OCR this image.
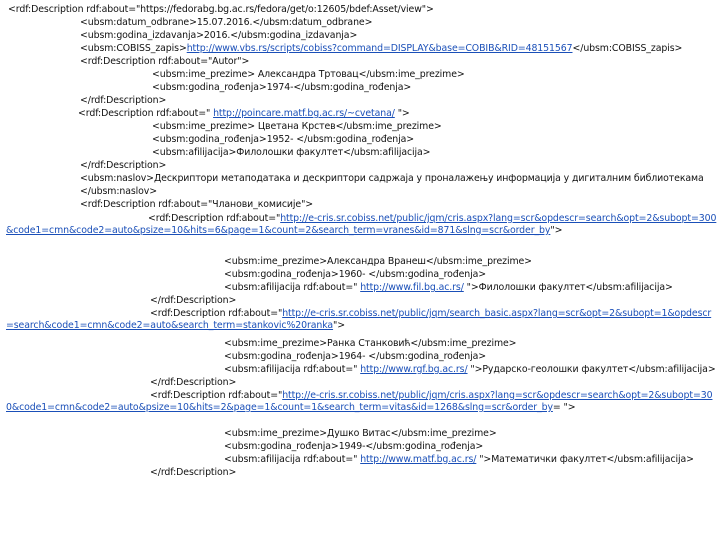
<rdf:Description rdf:about="https://fedorabg.bg.ac.rs/fedora/get/o:12605/bdef:Asset/view">
<ubsm:datum_odbrane>15.07.2016.</ubsm:datum_odbrane>
<ubsm:godina_izdavanja>2016.</ubsm:godina_izdavanja>
<ubsm:COBISS_zapis>http://www.vbs.rs/scripts/cobiss?command=DISPLAY&base=COBIB&RID=48151567</ubsm:COBISS_zapis>
<rdf:Description rdf:about="Autor">
<ubsm:ime_prezime> Александра Тртовац</ubsm:ime_prezime>
<ubsm:godina_rođenja>1974-</ubsm:godina_rođenja>
</rdf:Description>
<rdf:Description rdf:about=" http://poincare.matf.bg.ac.rs/~cvetana/ ">
<ubsm:ime_prezime> Цветана Крстев</ubsm:ime_prezime>
<ubsm:godina_rođenja>1952- </ubsm:godina_rođenja>
<ubsm:afilijacija>Филолошки факултет</ubsm:afilijacija>
</rdf:Description>
<ubsm:naslov>Дескриптори метаподатака и дескриптори садржаја у проналажењу информација у дигиталним библиотекама
</ubsm:naslov>
<rdf:Description rdf:about="Чланови_комисије">
<rdf:Description rdf:about="http://e-cris.sr.cobiss.net/public/jqm/cris.aspx?lang=scr&opdescr=search&opt=2&subopt=300&code1=cmn&code2=auto&psize=10&hits=6&page=1&count=2&search_term=vranes&id=871&slng=scr&order_by">
<ubsm:ime_prezime>Александра Вранеш</ubsm:ime_prezime>
<ubsm:godina_rođenja>1960- </ubsm:godina_rođenja>
<ubsm:afilijacija rdf:about=" http://www.fil.bg.ac.rs/ ">Филолошки факултет</ubsm:afilijacija>
</rdf:Description>
<rdf:Description rdf:about="http://e-cris.sr.cobiss.net/public/jqm/search_basic.aspx?lang=scr&opt=2&subopt=1&opdescr=search&code1=cmn&code2=auto&search_term=stankovic%20ranka">
<ubsm:ime_prezime>Ранка Станковић</ubsm:ime_prezime>
<ubsm:godina_rođenja>1964- </ubsm:godina_rođenja>
<ubsm:afilijacija rdf:about=" http://www.rgf.bg.ac.rs/ ">Рударско-геолошки факултет</ubsm:afilijacija>
</rdf:Description>
<rdf:Description rdf:about="http://e-cris.sr.cobiss.net/public/jqm/cris.aspx?lang=scr&opdescr=search&opt=2&subopt=300&code1=cmn&code2=auto&psize=10&hits=2&page=1&count=1&search_term=vitas&id=1268&slng=scr&order_by= ">
<ubsm:ime_prezime>Душко Витас</ubsm:ime_prezime>
<ubsm:godina_rođenja>1949-</ubsm:godina_rođenja>
<ubsm:afilijacija rdf:about=" http://www.matf.bg.ac.rs/ ">Математички факултет</ubsm:afilijacija>
</rdf:Description>
